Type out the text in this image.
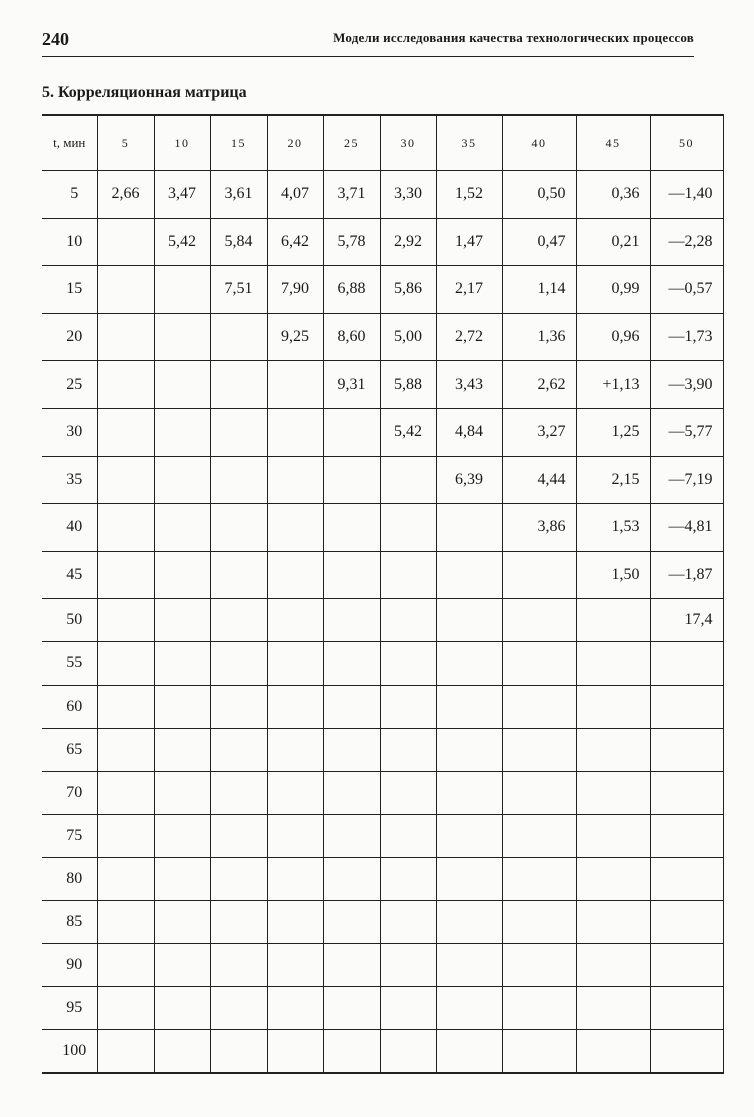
240	Модели исследования качества технологических процессов
5. Корреляционная матрица
t, мин	5	10	15	20	25	30	35	40	45	50
5	2,66	3,47	3,61	4,07	3,71	3,30	1,52	0,50	0,36	—1,40
10		5,42	5,84	6,42	5,78	2,92	1,47	0,47	0,21	—2,28
15			7,51	7,90	6,88	5,86	2,17	1,14	0,99	—0,57
20				9,25	8,60	5,00	2,72	1,36	0,96	—1,73
25					9,31	5,88	3,43	2,62	+1,13	—3,90
30						5,42	4,84	3,27	1,25	—5,77
35							6,39	4,44	2,15	—7,19
40								3,86	1,53	—4,81
45									1,50	—1,87
50										17,4
55										
60										
65										
70										
75										
80										
85										
90										
95										
100										
